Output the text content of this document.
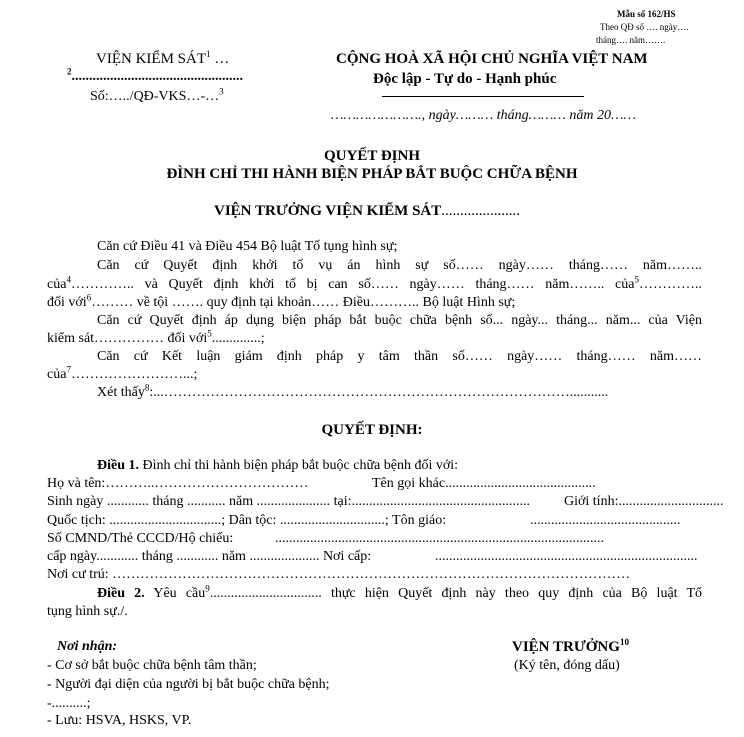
Mẫu số 162/HS
Theo QĐ số …. ngày….
tháng…. năm…….
VIỆN KIỂM SÁT$^1$ …
$^2$.................................................
Số:…../QĐ-VKS…-…$^3$
CỘNG HOÀ XÃ HỘI CHỦ NGHĨA VIỆT NAM
Độc lập - Tự do - Hạnh phúc
…………………., ngày……… tháng……… năm 20……
QUYẾT ĐỊNH
ĐÌNH CHỈ THI HÀNH BIỆN PHÁP BẮT BUỘC CHỮA BỆNH
VIỆN TRƯỞNG VIỆN KIỂM SÁT.....................
Căn cứ Điều 41 và Điều 454 Bộ luật Tố tụng hình sự;
Căn cứ Quyết định khởi tố vụ án hình sự số…… ngày…… tháng…… năm……..
của$^4$………….. và Quyết định khởi tố bị can số…… ngày…… tháng…… năm…….. của$^5$…………..
đối với$^6$……… về tội ……. quy định tại khoản…… Điều……….. Bộ luật Hình sự;
Căn cứ Quyết định áp dụng biện pháp bắt buộc chữa bệnh số... ngày... tháng... năm... của Viện
kiểm sát…………… đối với$^5$..............;
Căn cứ Kết luận giám định pháp y tâm thần số…… ngày…… tháng…… năm……
của$^7$……………………...;
Xét thấy$^8$:...……………………………………………………………………………...........
QUYẾT ĐỊNH:
Điều 1. Đình chỉ thi hành biện pháp bắt buộc chữa bệnh đối với:
Họ và tên:………..……………………………	Tên gọi khác...........................................
Sinh ngày ............ tháng ........... năm ..................... tại:................................................... Giới tính:..............................
Quốc tịch: ................................; Dân tộc: ..............................; Tôn giáo:	...........................................
Số CMND/Thẻ CCCD/Hộ chiếu:	..............................................................................................
cấp ngày............ tháng ............ năm .................... Nơi cấp:	...........................................................................
Nơi cư trú: …………………………………………………………………………………………………
Điều 2. Yêu cầu$^9$................................ thực hiện Quyết định này theo quy định của Bộ luật Tố
tụng hình sự./.
Nơi nhận:
- Cơ sở bắt buộc chữa bệnh tâm thần;
- Người đại diện của người bị bắt buộc chữa bệnh;
-..........;
- Lưu: HSVA, HSKS, VP.
VIỆN TRƯỞNG$^{10}$
(Ký tên, đóng dấu)
